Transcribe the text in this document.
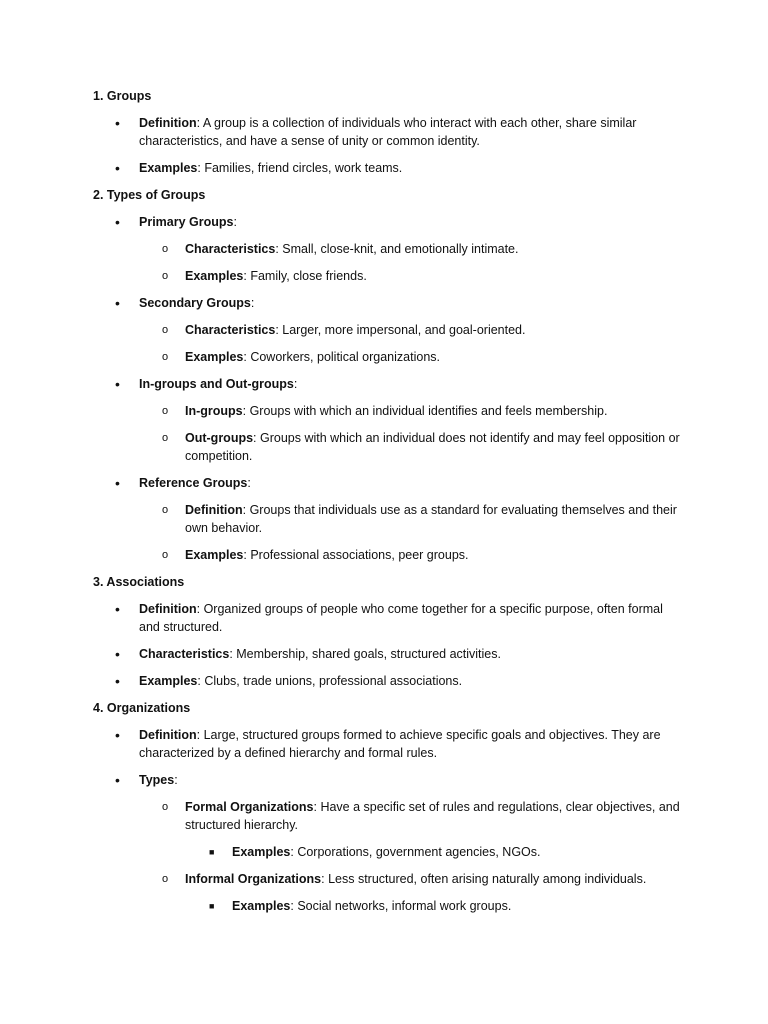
1. Groups
• Definition: A group is a collection of individuals who interact with each other, share similar characteristics, and have a sense of unity or common identity.
• Examples: Families, friend circles, work teams.
2. Types of Groups
• Primary Groups:
o Characteristics: Small, close-knit, and emotionally intimate.
o Examples: Family, close friends.
• Secondary Groups:
o Characteristics: Larger, more impersonal, and goal-oriented.
o Examples: Coworkers, political organizations.
• In-groups and Out-groups:
o In-groups: Groups with which an individual identifies and feels membership.
o Out-groups: Groups with which an individual does not identify and may feel opposition or competition.
• Reference Groups:
o Definition: Groups that individuals use as a standard for evaluating themselves and their own behavior.
o Examples: Professional associations, peer groups.
3. Associations
• Definition: Organized groups of people who come together for a specific purpose, often formal and structured.
• Characteristics: Membership, shared goals, structured activities.
• Examples: Clubs, trade unions, professional associations.
4. Organizations
• Definition: Large, structured groups formed to achieve specific goals and objectives. They are characterized by a defined hierarchy and formal rules.
• Types:
o Formal Organizations: Have a specific set of rules and regulations, clear objectives, and structured hierarchy.
■ Examples: Corporations, government agencies, NGOs.
o Informal Organizations: Less structured, often arising naturally among individuals.
■ Examples: Social networks, informal work groups.
